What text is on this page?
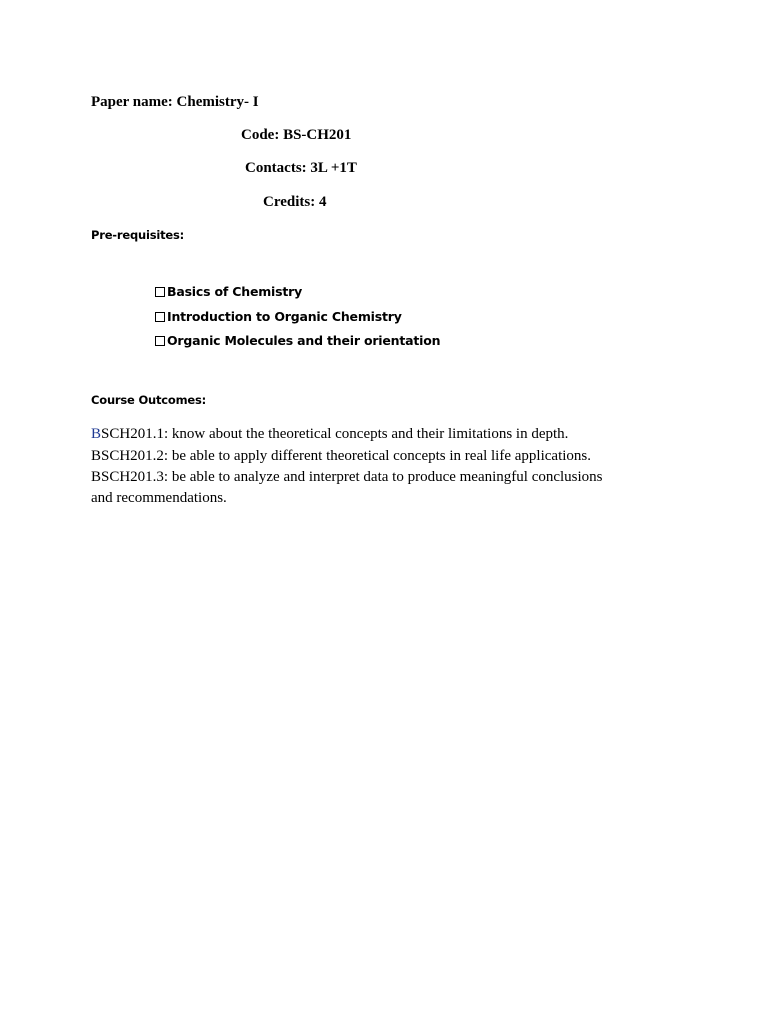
Paper name: Chemistry- I
Code: BS-CH201
Contacts: 3L +1T
Credits: 4
Pre-requisites:
Basics of Chemistry
Introduction to Organic Chemistry
Organic Molecules and their orientation
Course Outcomes:
BSCH201.1: know about the theoretical concepts and their limitations in depth.
BSCH201.2: be able to apply different theoretical concepts in real life applications.
BSCH201.3: be able to analyze and interpret data to produce meaningful conclusions
and recommendations.
